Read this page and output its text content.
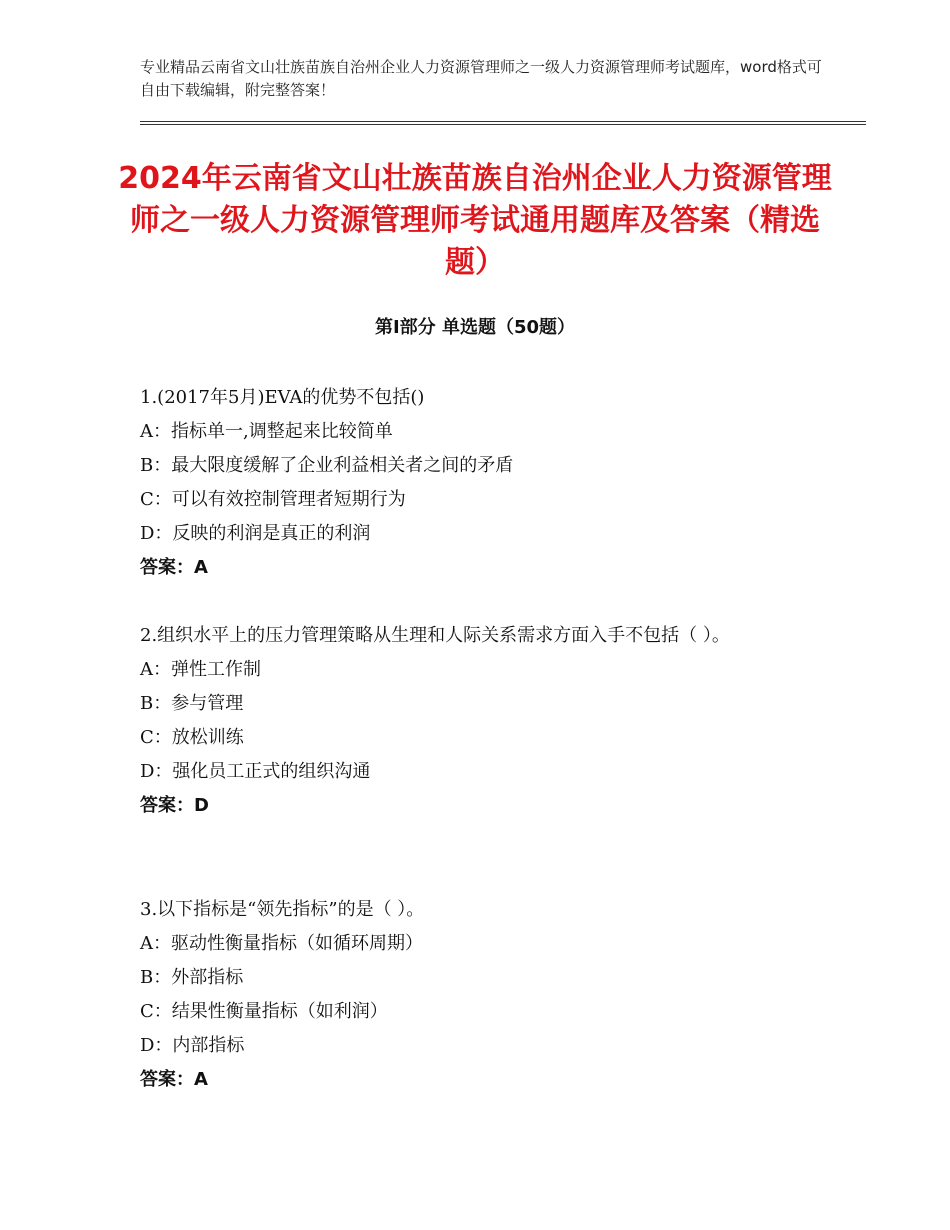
专业精品云南省文山壮族苗族自治州企业人力资源管理师之一级人力资源管理师考试题库，word格式可自由下载编辑，附完整答案！
2024年云南省文山壮族苗族自治州企业人力资源管理师之一级人力资源管理师考试通用题库及答案（精选题）
第Ⅰ部分 单选题（50题）

1.(2017年5月)EVA的优势不包括()

A：指标单一,调整起来比较简单

B：最大限度缓解了企业利益相关者之间的矛盾

C：可以有效控制管理者短期行为

D：反映的利润是真正的利润

答案：A

2.组织水平上的压力管理策略从生理和人际关系需求方面入手不包括（ ）。

A：弹性工作制

B：参与管理

C：放松训练

D：强化员工正式的组织沟通

答案：D

3.以下指标是“领先指标”的是（ ）。

A：驱动性衡量指标（如循环周期）

B：外部指标

C：结果性衡量指标（如利润）

D：内部指标

答案：A
